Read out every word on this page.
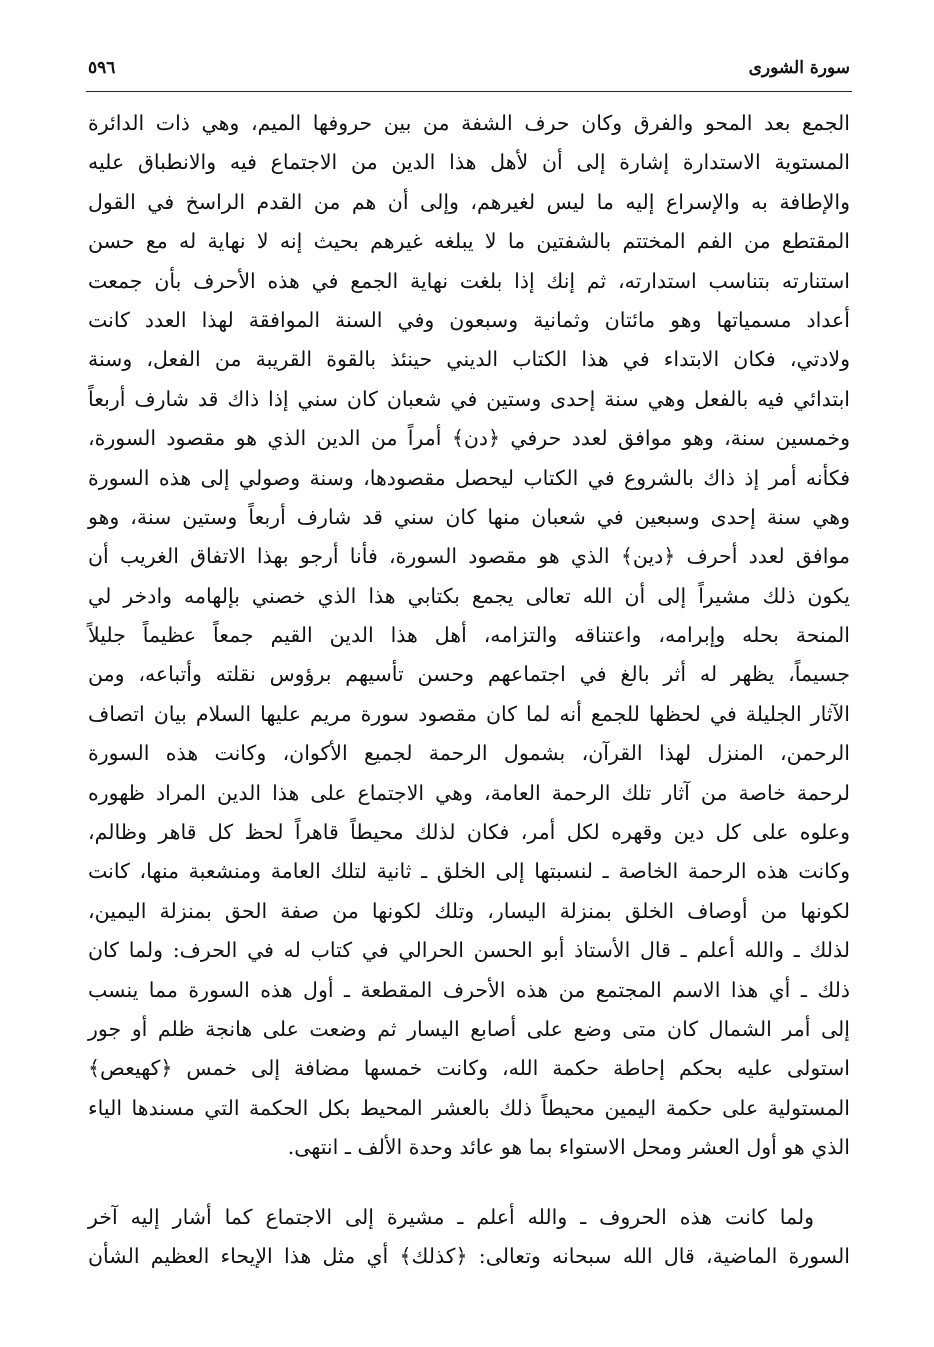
سورة الشورى
٥٩٦
الجمع بعد المحو والفرق وكان حرف الشفة من بين حروفها الميم، وهي ذات الدائرة
المستوية الاستدارة إشارة إلى أن لأهل هذا الدين من الاجتماع فيه والانطباق عليه
والإطافة به والإسراع إليه ما ليس لغيرهم، وإلى أن هم من القدم الراسخ في القول
المقتطع من الفم المختتم بالشفتين ما لا يبلغه غيرهم بحيث إنه لا نهاية له مع حسن
استنارته بتناسب استدارته، ثم إنك إذا بلغت نهاية الجمع في هذه الأحرف بأن جمعت
أعداد مسمياتها وهو مائتان وثمانية وسبعون وفي السنة الموافقة لهذا العدد كانت
ولادتي، فكان الابتداء في هذا الكتاب الديني حينئذ بالقوة القريبة من الفعل، وسنة
ابتدائي فيه بالفعل وهي سنة إحدى وستين في شعبان كان سني إذا ذاك قد شارف أربعاً
وخمسين سنة، وهو موافق لعدد حرفي ﴿دن﴾ أمراً من الدين الذي هو مقصود السورة،
فكأنه أمر إذ ذاك بالشروع في الكتاب ليحصل مقصودها، وسنة وصولي إلى هذه السورة
وهي سنة إحدى وسبعين في شعبان منها كان سني قد شارف أربعاً وستين سنة، وهو
موافق لعدد أحرف ﴿دين﴾ الذي هو مقصود السورة، فأنا أرجو بهذا الاتفاق الغريب أن
يكون ذلك مشيراً إلى أن الله تعالى يجمع بكتابي هذا الذي خصني بإلهامه وادخر لي
المنحة بحله وإبرامه، واعتناقه والتزامه، أهل هذا الدين القيم جمعاً عظيماً جليلاً
جسيماً، يظهر له أثر بالغ في اجتماعهم وحسن تأسيهم برؤوس نقلته وأتباعه، ومن
الآثار الجليلة في لحظها للجمع أنه لما كان مقصود سورة مريم عليها السلام بيان اتصاف
الرحمن، المنزل لهذا القرآن، بشمول الرحمة لجميع الأكوان، وكانت هذه السورة
لرحمة خاصة من آثار تلك الرحمة العامة، وهي الاجتماع على هذا الدين المراد ظهوره
وعلوه على كل دين وقهره لكل أمر، فكان لذلك محيطاً قاهراً لحظ كل قاهر وظالم،
وكانت هذه الرحمة الخاصة ـ لنسبتها إلى الخلق ـ ثانية لتلك العامة ومنشعبة منها، كانت
لكونها من أوصاف الخلق بمنزلة اليسار، وتلك لكونها من صفة الحق بمنزلة اليمين،
لذلك ـ والله أعلم ـ قال الأستاذ أبو الحسن الحرالي في كتاب له في الحرف: ولما كان
ذلك ـ أي هذا الاسم المجتمع من هذه الأحرف المقطعة ـ أول هذه السورة مما ينسب
إلى أمر الشمال كان متى وضع على أصابع اليسار ثم وضعت على هانجة ظلم أو جور
استولى عليه بحكم إحاطة حكمة الله، وكانت خمسها مضافة إلى خمس ﴿كهيعص﴾
المستولية على حكمة اليمين محيطاً ذلك بالعشر المحيط بكل الحكمة التي مسندها الياء
الذي هو أول العشر ومحل الاستواء بما هو عائد وحدة الألف ـ انتهى.
ولما كانت هذه الحروف ـ والله أعلم ـ مشيرة إلى الاجتماع كما أشار إليه آخر
السورة الماضية، قال الله سبحانه وتعالى: ﴿كذلك﴾ أي مثل هذا الإيحاء العظيم الشأن
